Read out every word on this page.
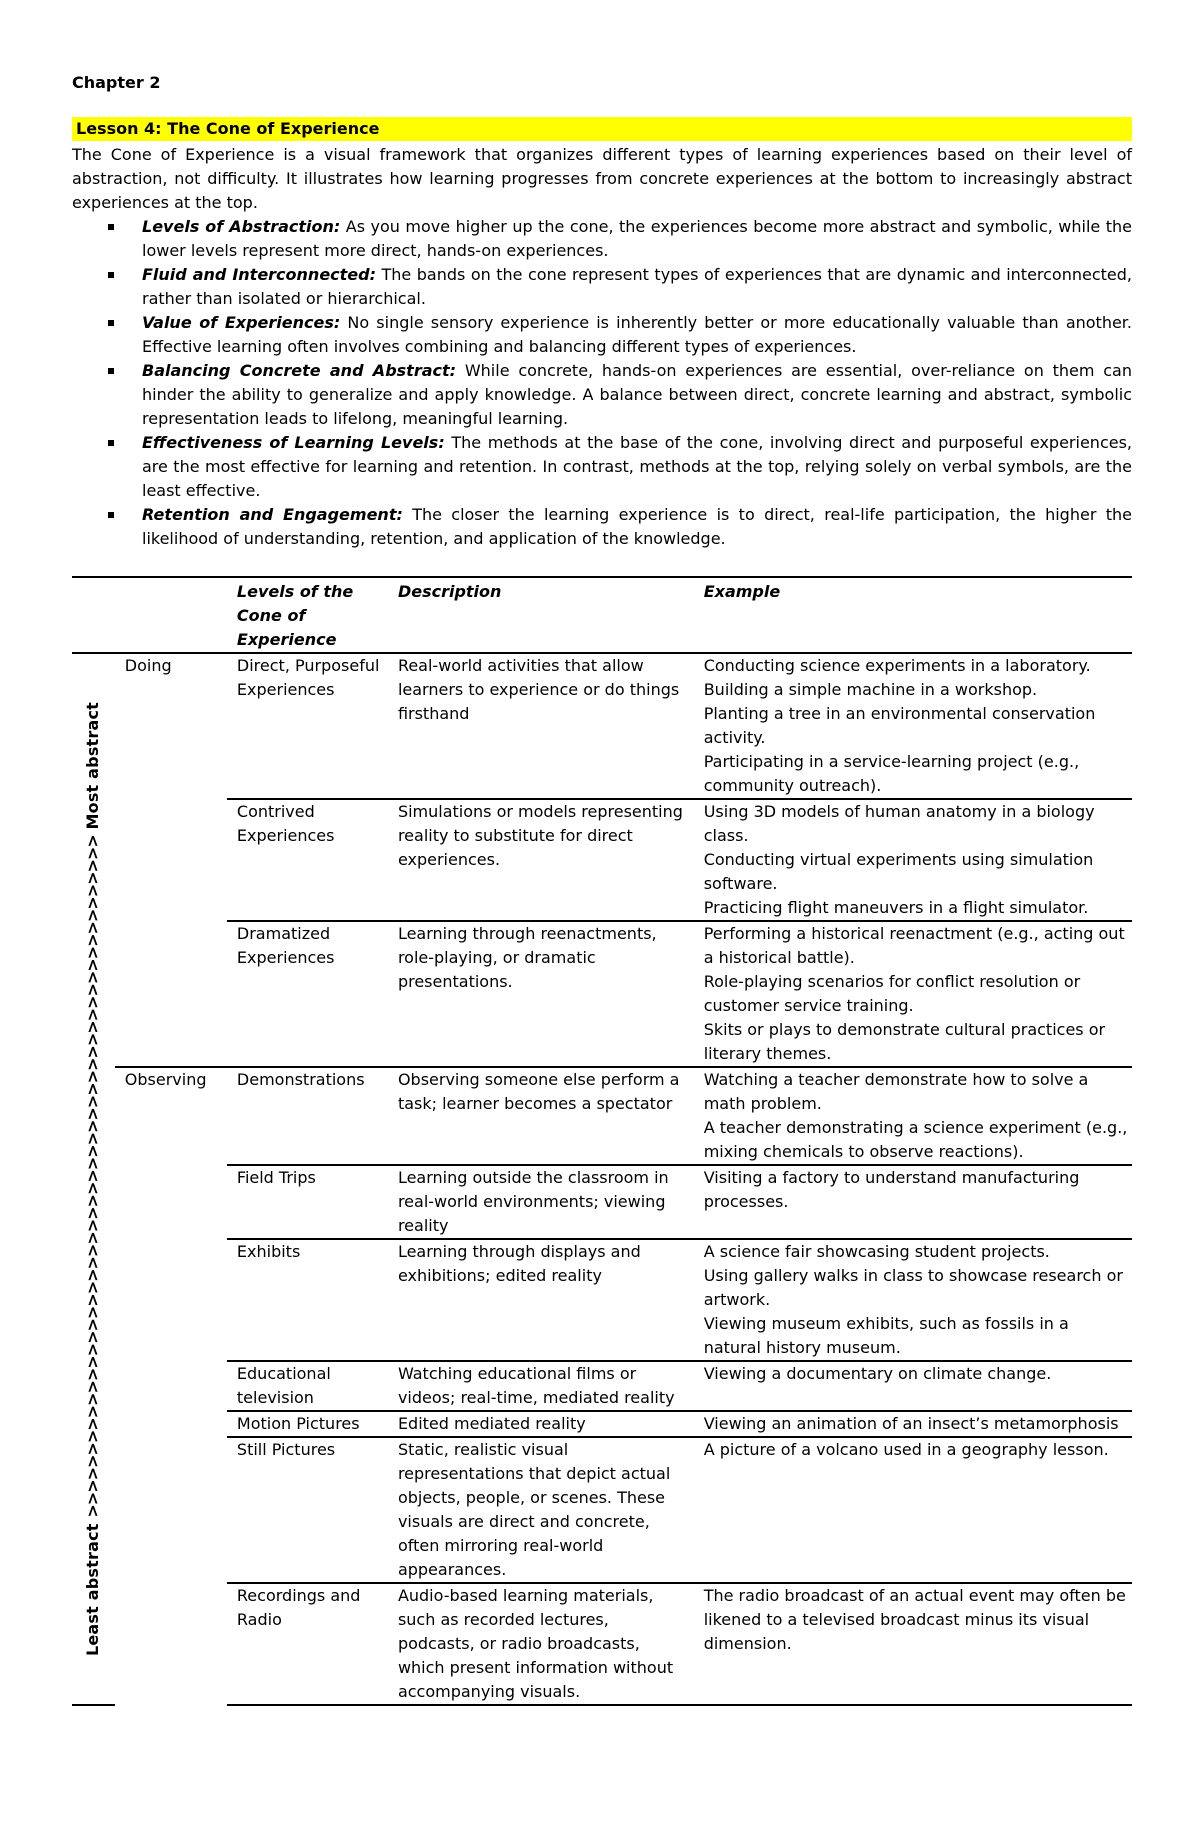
Chapter 2
Lesson 4: The Cone of Experience

The Cone of Experience is a visual framework that organizes different types of learning experiences based on their level of abstraction, not difficulty. It illustrates how learning progresses from concrete experiences at the bottom to increasingly abstract experiences at the top.

Levels of Abstraction: As you move higher up the cone, the experiences become more abstract and symbolic, while the lower levels represent more direct, hands-on experiences.
Fluid and Interconnected: The bands on the cone represent types of experiences that are dynamic and interconnected, rather than isolated or hierarchical.
Value of Experiences: No single sensory experience is inherently better or more educationally valuable than another. Effective learning often involves combining and balancing different types of experiences.
Balancing Concrete and Abstract: While concrete, hands-on experiences are essential, over-reliance on them can hinder the ability to generalize and apply knowledge. A balance between direct, concrete learning and abstract, symbolic representation leads to lifelong, meaningful learning.
Effectiveness of Learning Levels: The methods at the base of the cone, involving direct and purposeful experiences, are the most effective for learning and retention. In contrast, methods at the top, relying solely on verbal symbols, are the least effective.
Retention and Engagement: The closer the learning experience is to direct, real-life participation, the higher the likelihood of understanding, retention, and application of the knowledge.
		Levels of the Cone of Experience	Description	Example

Least abstract >>>>>>>>>>>>>>>>>>>>>>>>>>>>>>>>>>>>>>>>>>>>>>>>>>>>>>> Most abstract	Doing	Direct, Purposeful Experiences	Real-world activities that allow learners to experience or do things firsthand	Conducting science experiments in a laboratory.
Building a simple machine in a workshop.
Planting a tree in an environmental conservation activity.
Participating in a service-learning project (e.g., community outreach).

		Contrived Experiences	Simulations or models representing reality to substitute for direct experiences.	Using 3D models of human anatomy in a biology class.
Conducting virtual experiments using simulation software.
Practicing flight maneuvers in a flight simulator.

		Dramatized Experiences	Learning through reenactments, role-playing, or dramatic presentations.	Performing a historical reenactment (e.g., acting out a historical battle).
Role-playing scenarios for conflict resolution or customer service training.
Skits or plays to demonstrate cultural practices or literary themes.

	Observing	Demonstrations	Observing someone else perform a task; learner becomes a spectator	Watching a teacher demonstrate how to solve a math problem.
A teacher demonstrating a science experiment (e.g., mixing chemicals to observe reactions).

		Field Trips	Learning outside the classroom in real-world environments; viewing reality	Visiting a factory to understand manufacturing processes.

		Exhibits	Learning through displays and exhibitions; edited reality	A science fair showcasing student projects.
Using gallery walks in class to showcase research or artwork.
Viewing museum exhibits, such as fossils in a natural history museum.

		Educational television	Watching educational films or videos; real-time, mediated reality	Viewing a documentary on climate change.

		Motion Pictures	Edited mediated reality	Viewing an animation of an insect’s metamorphosis

		Still Pictures	Static, realistic visual representations that depict actual objects, people, or scenes. These visuals are direct and concrete, often mirroring real-world appearances.	A picture of a volcano used in a geography lesson.

		Recordings and Radio	Audio-based learning materials, such as recorded lectures, podcasts, or radio broadcasts, which present information without accompanying visuals.	The radio broadcast of an actual event may often be likened to a televised broadcast minus its visual dimension.
